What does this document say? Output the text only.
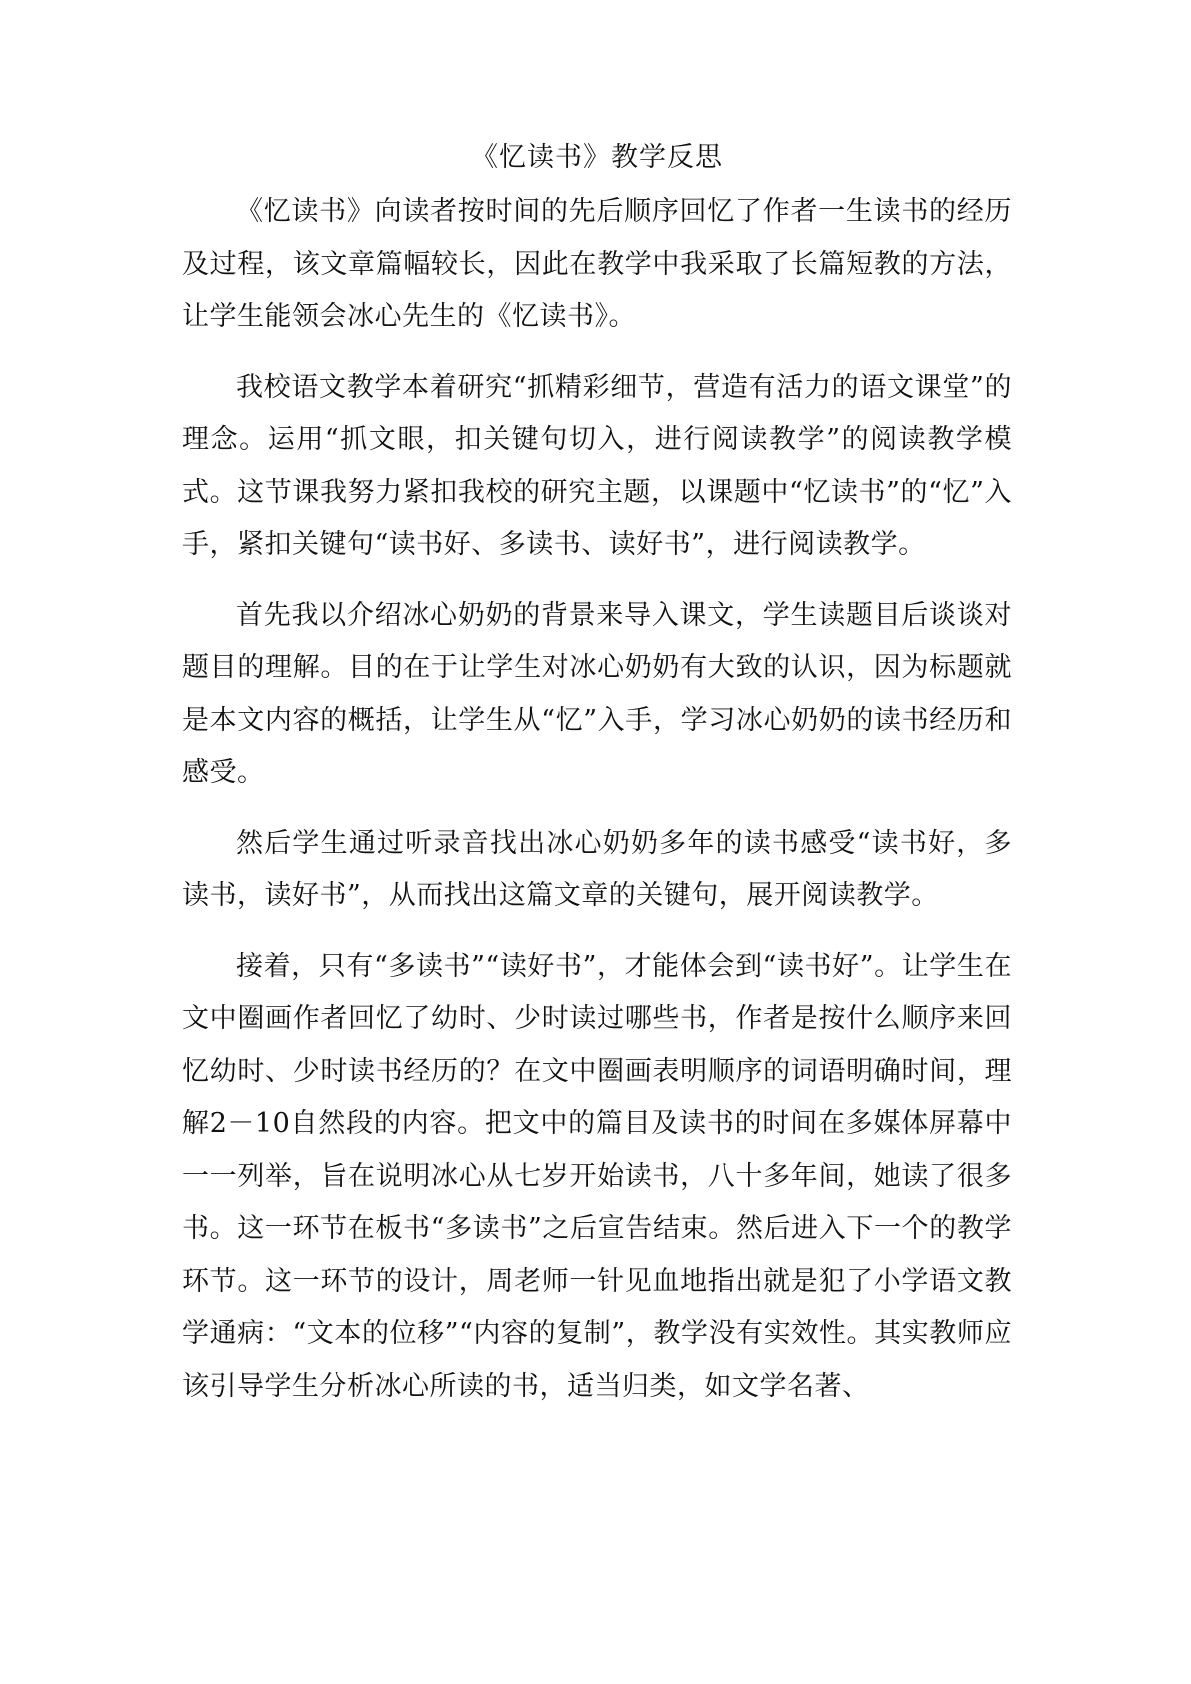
《忆读书》教学反思

《忆读书》向读者按时间的先后顺序回忆了作者一生读书的经历及过程，该文章篇幅较长，因此在教学中我采取了长篇短教的方法，让学生能领会冰心先生的《忆读书》。

我校语文教学本着研究“抓精彩细节，营造有活力的语文课堂”的理念。运用“抓文眼，扣关键句切入，进行阅读教学”的阅读教学模式。这节课我努力紧扣我校的研究主题，以课题中“忆读书”的“忆”入手，紧扣关键句“读书好、多读书、读好书”，进行阅读教学。

首先我以介绍冰心奶奶的背景来导入课文，学生读题目后谈谈对题目的理解。目的在于让学生对冰心奶奶有大致的认识，因为标题就是本文内容的概括，让学生从“忆”入手，学习冰心奶奶的读书经历和感受。

然后学生通过听录音找出冰心奶奶多年的读书感受“读书好，多读书，读好书”，从而找出这篇文章的关键句，展开阅读教学。

接着，只有“多读书”“读好书”，才能体会到“读书好”。让学生在文中圈画作者回忆了幼时、少时读过哪些书，作者是按什么顺序来回忆幼时、少时读书经历的？在文中圈画表明顺序的词语明确时间，理解2－10自然段的内容。把文中的篇目及读书的时间在多媒体屏幕中一一列举，旨在说明冰心从七岁开始读书，八十多年间，她读了很多书。这一环节在板书“多读书”之后宣告结束。然后进入下一个的教学环节。这一环节的设计，周老师一针见血地指出就是犯了小学语文教学通病：“文本的位移”“内容的复制”，教学没有实效性。其实教师应该引导学生分析冰心所读的书，适当归类，如文学名著、
